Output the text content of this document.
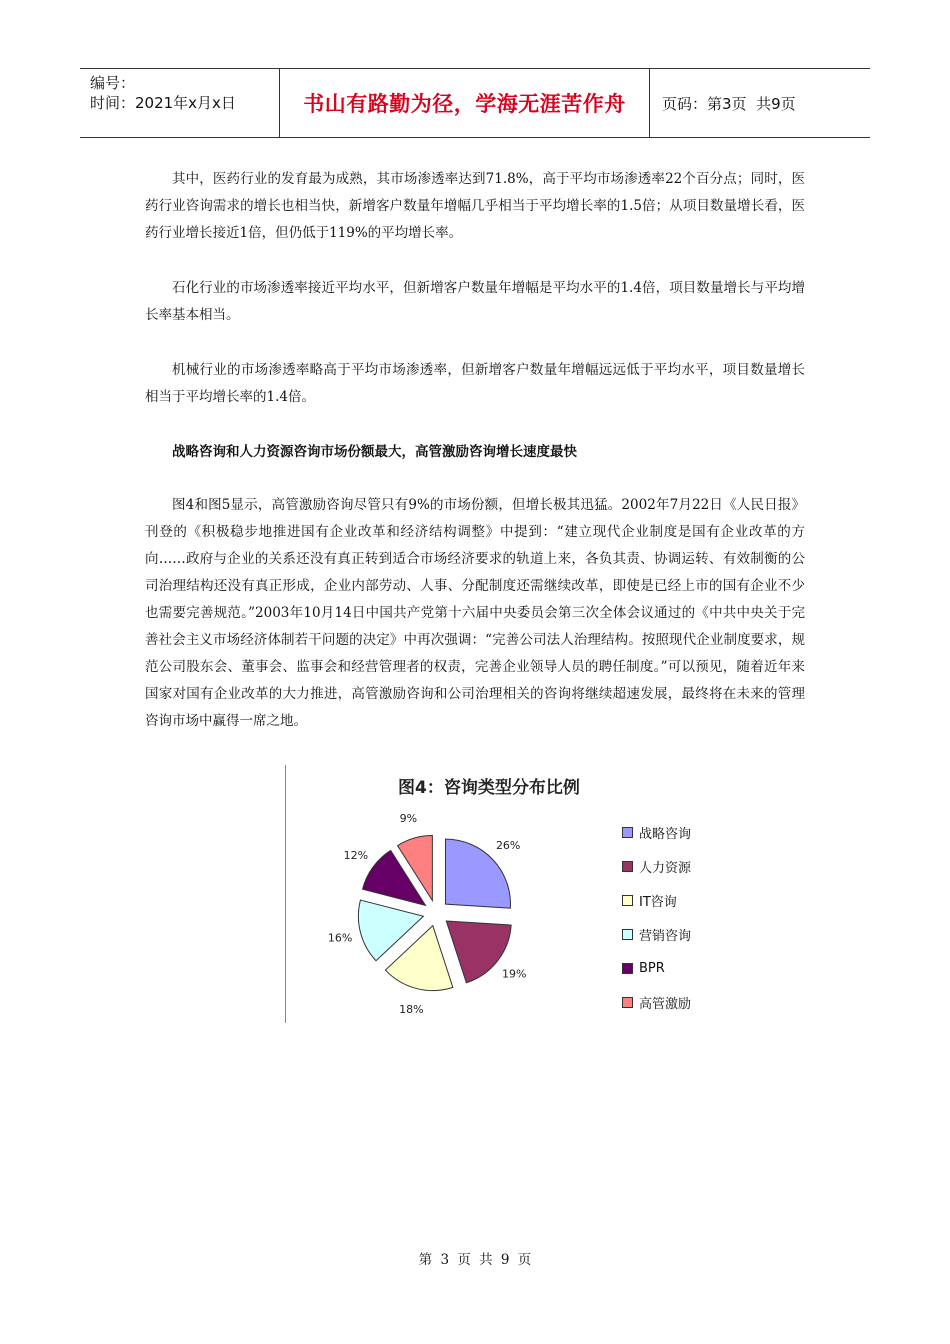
编号：
时间：2021年x月x日	书山有路勤为径，学海无涯苦作舟	页码：第3页  共9页

其中，医药行业的发育最为成熟，其市场渗透率达到71.8%，高于平均市场渗透率22个百分点；同时，医药行业咨询需求的增长也相当快，新增客户数量年增幅几乎相当于平均增长率的1.5倍；从项目数量增长看，医药行业增长接近1倍，但仍低于119%的平均增长率。

石化行业的市场渗透率接近平均水平，但新增客户数量年增幅是平均水平的1.4倍，项目数量增长与平均增长率基本相当。

机械行业的市场渗透率略高于平均市场渗透率，但新增客户数量年增幅远远低于平均水平，项目数量增长相当于平均增长率的1.4倍。

战略咨询和人力资源咨询市场份额最大，高管激励咨询增长速度最快

图4和图5显示，高管激励咨询尽管只有9%的市场份额，但增长极其迅猛。2002年7月22日《人民日报》刊登的《积极稳步地推进国有企业改革和经济结构调整》中提到：“建立现代企业制度是国有企业改革的方向……政府与企业的关系还没有真正转到适合市场经济要求的轨道上来，各负其责、协调运转、有效制衡的公司治理结构还没有真正形成，企业内部劳动、人事、分配制度还需继续改革，即使是已经上市的国有企业不少也需要完善规范。”2003年10月14日中国共产党第十六届中央委员会第三次全体会议通过的《中共中央关于完善社会主义市场经济体制若干问题的决定》中再次强调：“完善公司法人治理结构。按照现代企业制度要求，规范公司股东会、董事会、监事会和经营管理者的权责，完善企业领导人员的聘任制度。”可以预见，随着近年来国家对国有企业改革的大力推进，高管激励咨询和公司治理相关的咨询将继续超速发展，最终将在未来的管理咨询市场中赢得一席之地。

26%
19%
18%
16%
12%
9%
图4：咨询类型分布比例
战略咨询
人力资源
IT咨询
营销咨询
BPR
高管激励
第 3 页 共 9 页
